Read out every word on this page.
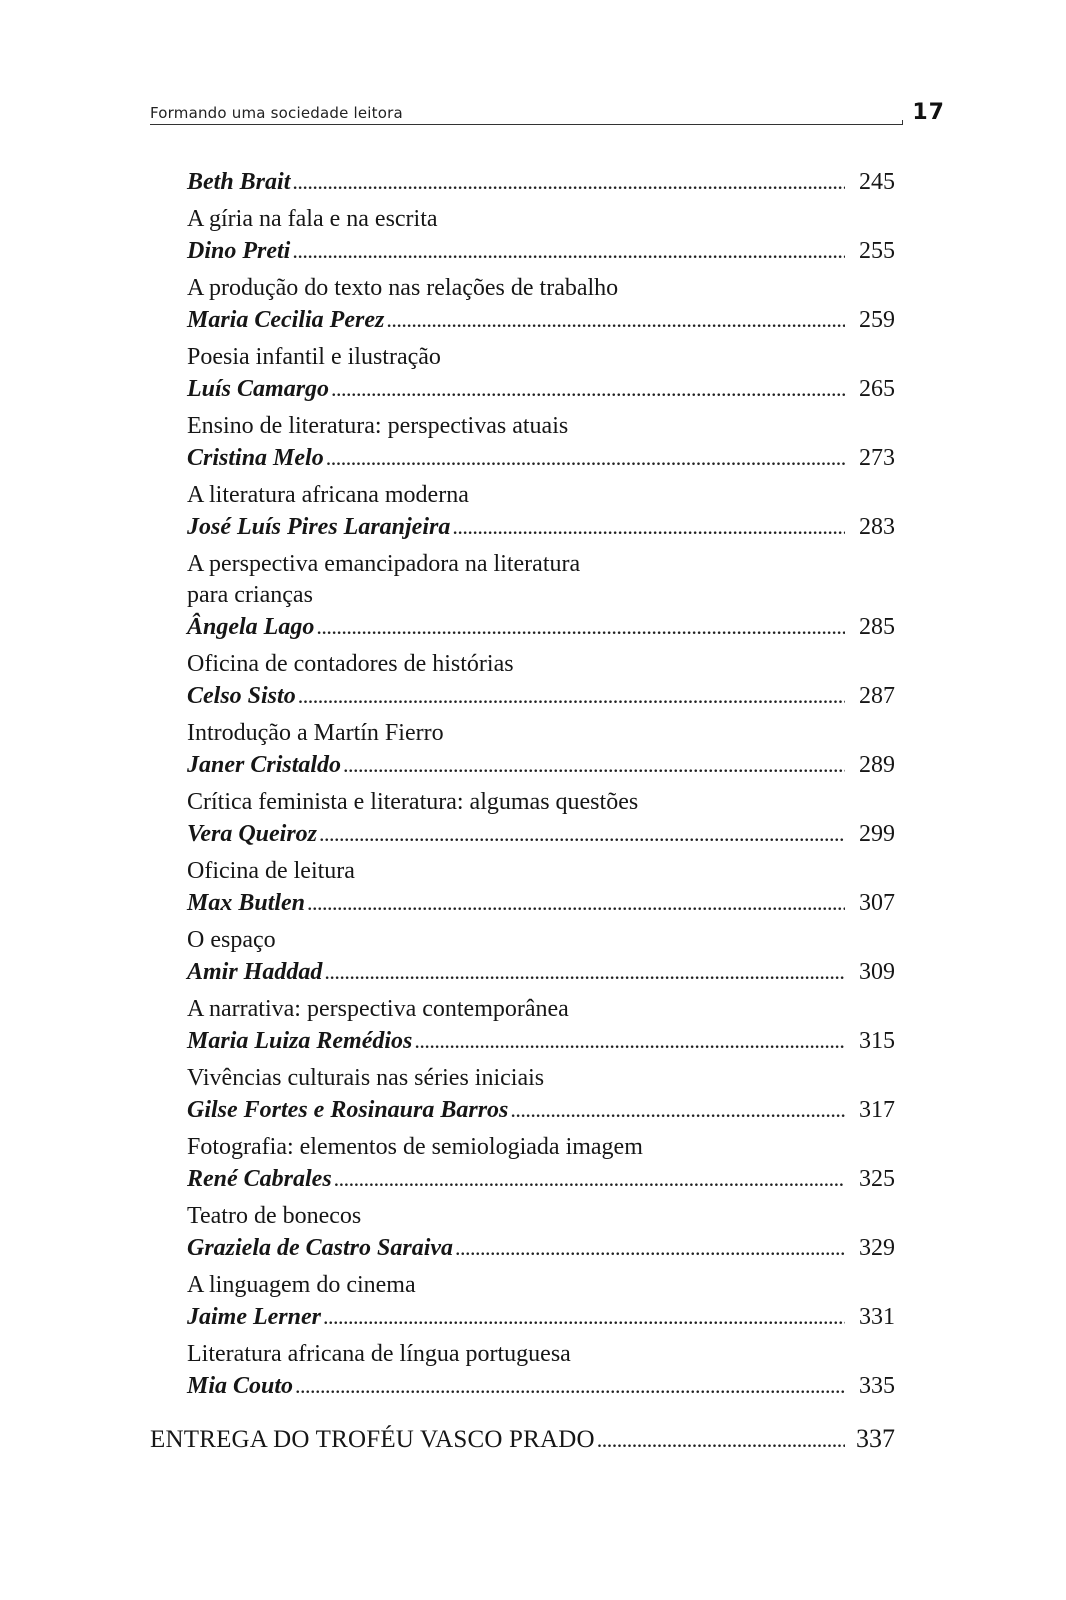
Formando uma sociedade leitora	17
Beth Brait . . .	245
A gíria na fala e na escrita
Dino Preti . . .	255
A produção do texto nas relações de trabalho
Maria Cecilia Perez . . .	259
Poesia infantil e ilustração
Luís Camargo . . .	265
Ensino de literatura: perspectivas atuais
Cristina Melo . . .	273
A literatura africana moderna
José Luís Pires Laranjeira . . .	283
A perspectiva emancipadora na literatura
para crianças
Ângela Lago . . .	285
Oficina de contadores de histórias
Celso Sisto . . .	287
Introdução a Martín Fierro
Janer Cristaldo . . .	289
Crítica feminista e literatura: algumas questões
Vera Queiroz . . .	299
Oficina de leitura
Max Butlen . . .	307
O espaço
Amir Haddad . . .	309
A narrativa: perspectiva contemporânea
Maria Luiza Remédios . . .	315
Vivências culturais nas séries iniciais
Gilse Fortes e Rosinaura Barros . . .	317
Fotografia: elementos de semiologiada imagem
René Cabrales . . .	325
Teatro de bonecos
Graziela de Castro Saraiva . . .	329
A linguagem do cinema
Jaime Lerner . . .	331
Literatura africana de língua portuguesa
Mia Couto . . .	335
ENTREGA DO TROFÉU VASCO PRADO . . .	337
